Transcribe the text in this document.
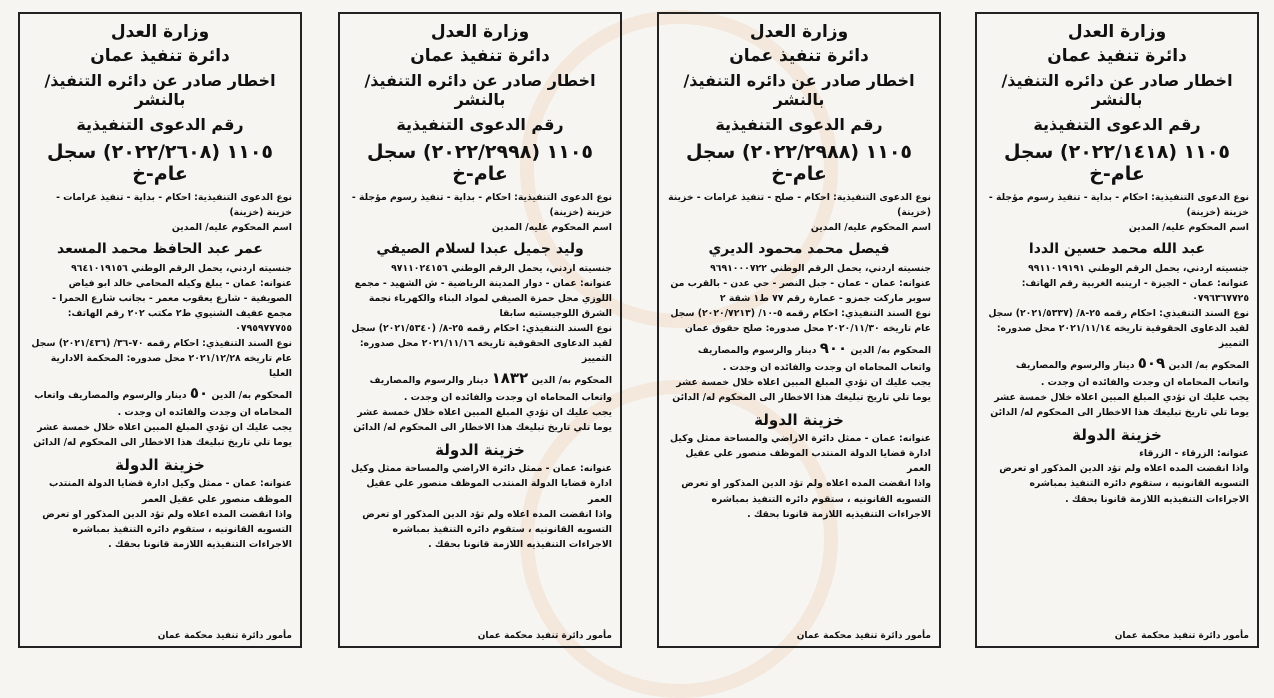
وزارة العدل
دائرة تنفيذ عمان
اخطار صادر عن دائره التنفيذ/ بالنشر
رقم الدعوى التنفيذية
١١٠٥ (٢٠٢٢/١٤١٨) سجل عام-خ
نوع الدعوى التنفيذية: احكام - بداية - تنفيذ رسوم مؤجلة - خزينة (خزينة)
اسم المحكوم عليه/ المدين
عبد الله محمد حسين الددا
جنسيته اردني، يحمل الرقم الوطني ٩٩١١٠١٩١٩١
عنوانه: عمان - الجيزة - ارينبه الغربية رقم الهاتف: ٠٧٩٦٣٦٧٧٢٥
نوع السند التنفيذي: احكام رقمه ٢٥-٨/ (٢٠٢١/٥٣٣٧) سجل لقيد الدعاوى الحقوقية تاريخه ٢٠٢١/١١/١٤ محل صدوره: التمييز
المحكوم به/ الدين ٥٠٩ دينار والرسوم والمصاريف واتعاب المحاماه ان وجدت والفائده ان وجدت .
يجب عليك ان تؤدي المبلغ المبين اعلاه خلال خمسة عشر يوما تلي تاريخ تبليغك هذا الاخطار الى المحكوم له/ الدائن
خزينة الدولة
عنوانه: الزرقاء - الزرقاء
واذا انقضت المده اعلاه ولم تؤد الدين المذكور او تعرض التسويه القانونيه ، ستقوم دائره التنفيذ بمباشره الاجراءات التنفيذيه اللازمة قانونا بحقك .
مأمور دائرة تنفيذ محكمة عمان
وزارة العدل
دائرة تنفيذ عمان
اخطار صادر عن دائره التنفيذ/ بالنشر
رقم الدعوى التنفيذية
١١٠٥ (٢٠٢٢/٢٩٨٨) سجل عام-خ
نوع الدعوى التنفيذية: احكام - صلح - تنفيذ غرامات - خزينة (خزينة)
اسم المحكوم عليه/ المدين
فيصل محمد محمود الديري
جنسيته اردني، يحمل الرقم الوطني ٩٦٩١٠٠٠٧٢٢
عنوانه: عمان - عمان - جبل النصر - حي عدن - بالقرب من سوبر ماركت جمزو - عمارة رقم ٧٧ ط١ شقة ٢
نوع السند التنفيذي: احكام رقمه ٥-١٠/ (٢٠٢٠/٧٢١٣) سجل عام تاريخه ٢٠٢٠/١١/٣٠ محل صدوره: صلح حقوق عمان
المحكوم به/ الدين ٩٠٠ دينار والرسوم والمصاريف واتعاب المحاماه ان وجدت والفائده ان وجدت .
يجب عليك ان تؤدي المبلغ المبين اعلاه خلال خمسة عشر يوما تلي تاريخ تبليغك هذا الاخطار الى المحكوم له/ الدائن
خزينة الدولة
عنوانه: عمان - ممثل دائرة الاراضي والمساحة ممثل وكيل ادارة قضايا الدولة المنتدب الموظف منصور علي عقيل العمر
واذا انقضت المده اعلاه ولم تؤد الدين المذكور او تعرض التسويه القانونيه ، ستقوم دائره التنفيذ بمباشره الاجراءات التنفيذيه اللازمة قانونا بحقك .
مأمور دائرة تنفيذ محكمة عمان
وزارة العدل
دائرة تنفيذ عمان
اخطار صادر عن دائره التنفيذ/ بالنشر
رقم الدعوى التنفيذية
١١٠٥ (٢٠٢٢/٢٩٩٨) سجل عام-خ
نوع الدعوى التنفيذية: احكام - بداية - تنفيذ رسوم مؤجلة - خزينة (خزينة)
اسم المحكوم عليه/ المدين
وليد جميل عبدا لسلام الصيفي
جنسيته اردني، يحمل الرقم الوطني ٩٧١١٠٢٤١٥٦
عنوانه: عمان - دوار المدينة الرياضية - ش الشهيد - مجمع اللوزي محل حمزة الصيفي لمواد البناء والكهرباء نجمة الشرق اللوجيستيه سابقا
نوع السند التنفيذي: احكام رقمه ٢٥-٨/ (٢٠٢١/٥٣٤٠) سجل لقيد الدعاوى الحقوقية تاريخه ٢٠٢١/١١/١٦ محل صدوره: التمييز
المحكوم به/ الدين ١٨٣٢ دينار والرسوم والمصاريف واتعاب المحاماه ان وجدت والفائده ان وجدت .
يجب عليك ان تؤدي المبلغ المبين اعلاه خلال خمسة عشر يوما تلي تاريخ تبليغك هذا الاخطار الى المحكوم له/ الدائن
خزينة الدولة
عنوانه: عمان - ممثل دائرة الاراضي والمساحة ممثل وكيل ادارة قضايا الدولة المنتدب الموظف منصور علي عقيل العمر
واذا انقضت المده اعلاه ولم تؤد الدين المذكور او تعرض التسويه القانونيه ، ستقوم دائره التنفيذ بمباشره الاجراءات التنفيذيه اللازمة قانونا بحقك .
مأمور دائرة تنفيذ محكمة عمان
وزارة العدل
دائرة تنفيذ عمان
اخطار صادر عن دائره التنفيذ/ بالنشر
رقم الدعوى التنفيذية
١١٠٥ (٢٠٢٢/٢٦٠٨) سجل عام-خ
نوع الدعوى التنفيذية: احكام - بداية - تنفيذ غرامات - خزينة (خزينة)
اسم المحكوم عليه/ المدين
عمر عبد الحافظ محمد المسعد
جنسيته اردني، يحمل الرقم الوطني ٩٦٤١٠١٩١٥٦
عنوانه: عمان - يبلغ وكيله المحامي خالد ابو فياض الصويفية - شارع يعقوب معمر - بجانب شارع الحمرا - مجمع عفيف الشنيوي ط٢ مكتب ٢٠٢ رقم الهاتف: ٠٧٩٥٩٧٧٧٥٥
نوع السند التنفيذي: احكام رقمه ٧٠-٣٦/ (٢٠٢١/٤٣٦) سجل عام تاريخه ٢٠٢١/١٢/٢٨ محل صدوره: المحكمة الادارية العليا
المحكوم به/ الدين ٥٠ دينار والرسوم والمصاريف واتعاب المحاماه ان وجدت والفائده ان وجدت .
يجب عليك ان تؤدي المبلغ المبين اعلاه خلال خمسة عشر يوما تلي تاريخ تبليغك هذا الاخطار الى المحكوم له/ الدائن
خزينة الدولة
عنوانه: عمان - ممثل وكيل ادارة قضايا الدولة المنتدب الموظف منصور علي عقيل العمر
واذا انقضت المده اعلاه ولم تؤد الدين المذكور او تعرض التسويه القانونيه ، ستقوم دائره التنفيذ بمباشره الاجراءات التنفيذيه اللازمة قانونا بحقك .
مأمور دائرة تنفيذ محكمة عمان
